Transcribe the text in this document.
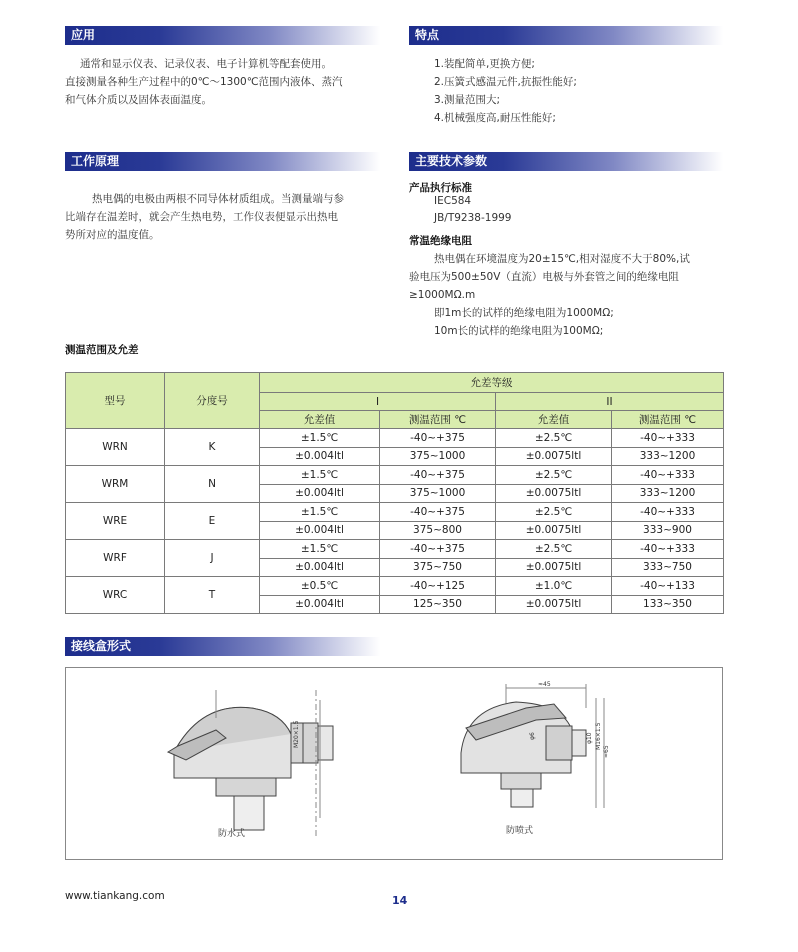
应用
通常和显示仪表、记录仪表、电子计算机等配套使用。
直接测量各种生产过程中的0℃～1300℃范围内液体、蒸汽
和气体介质以及固体表面温度。
特点
1.装配简单,更换方便;
2.压簧式感温元件,抗振性能好;
3.测量范围大;
4.机械强度高,耐压性能好;
工作原理
热电偶的电极由两根不同导体材质组成。当测量端与参
比端存在温差时，就会产生热电势，工作仪表便显示出热电
势所对应的温度值。
主要技术参数
产品执行标准
IEC584
JB/T9238-1999
常温绝缘电阻
热电偶在环境温度为20±15℃,相对湿度不大于80%,试
验电压为500±50V（直流）电极与外套管之间的绝缘电阻
≥1000MΩ.m
即1m长的试样的绝缘电阻为1000MΩ;
10m长的试样的绝缘电阻为100MΩ;
测温范围及允差
型号	分度号	允差等级			
		I		II	
		允差值	测温范围 ℃	允差值	测温范围 ℃
WRN	K	±1.5℃	-40~+375	±2.5℃	-40~+333
		±0.004ltl	375~1000	±0.0075ltl	333~1200
WRM	N	±1.5℃	-40~+375	±2.5℃	-40~+333
		±0.004ltl	375~1000	±0.0075ltl	333~1200
WRE	E	±1.5℃	-40~+375	±2.5℃	-40~+333
		±0.004ltl	375~800	±0.0075ltl	333~900
WRF	J	±1.5℃	-40~+375	±2.5℃	-40~+333
		±0.004ltl	375~750	±0.0075ltl	333~750
WRC	T	±0.5℃	-40~+125	±1.0℃	-40~+133
		±0.004ltl	125~350	±0.0075ltl	133~350
接线盒形式
M20×1.5
防水式
≈45
φ6	φ10 M16×1.5
≈65
防喷式
www.tiankang.com	14
